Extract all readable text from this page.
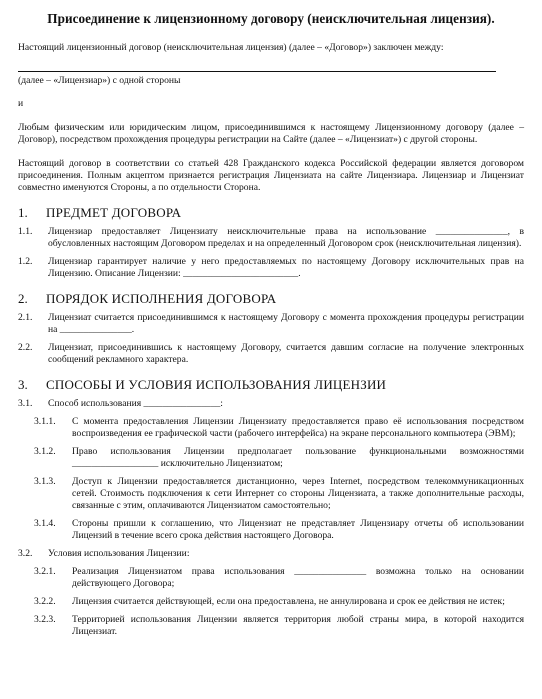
Присоединение к лицензионному договору (неисключительная лицензия).

Настоящий лицензионный договор (неисключительная лицензия) (далее – «Договор») заключен между:

(далее – «Лицензиар») с одной стороны

и

Любым физическим или юридическим лицом, присоединившимся к настоящему Лицензионному договору (далее – Договор), посредством прохождения процедуры регистрации на Сайте (далее – «Лицензиат») с другой стороны.

Настоящий договор в соответствии со статьей 428 Гражданского кодекса Российской федерации является договором присоединения. Полным акцептом признается регистрация Лицензиата на сайте Лицензиара. Лицензиар и Лицензиат совместно именуются Стороны, а по отдельности Сторона.

1.	ПРЕДМЕТ ДОГОВОРА
1.1.	Лицензиар предоставляет Лицензиату неисключительные права на использование _______________, в обусловленных настоящим Договором пределах и на определенный Договором срок (неисключительная лицензия).
1.2.	Лицензиар гарантирует наличие у него предоставляемых по настоящему Договору исключительных прав на Лицензию. Описание Лицензии: ________________________.
2.	ПОРЯДОК ИСПОЛНЕНИЯ ДОГОВОРА
2.1.	Лицензиат считается присоединившимся к настоящему Договору с момента прохождения процедуры регистрации на _______________.
2.2.	Лицензиат, присоединившись к настоящему Договору, считается давшим согласие на получение электронных сообщений рекламного характера.
3.	СПОСОБЫ И УСЛОВИЯ ИСПОЛЬЗОВАНИЯ ЛИЦЕНЗИИ
3.1.	Способ использования ________________:
3.1.1.	С момента предоставления Лицензии Лицензиату предоставляется право её использования посредством воспроизведения ее графической части (рабочего интерфейса) на экране персонального компьютера (ЭВМ);
3.1.2.	Право использования Лицензии предполагает пользование функциональными возможностями __________________ исключительно Лицензиатом;
3.1.3.	Доступ к Лицензии предоставляется дистанционно, через Internet, посредством телекоммуникационных сетей. Стоимость подключения к сети Интернет со стороны Лицензиата, а также дополнительные расходы, связанные с этим, оплачиваются Лицензиатом самостоятельно;
3.1.4.	Стороны пришли к соглашению, что Лицензиат не представляет Лицензиару отчеты об использовании Лицензий в течение всего срока действия настоящего Договора.
3.2.	Условия использования Лицензии:
3.2.1.	Реализация Лицензиатом права использования _______________ возможна только на основании действующего Договора;
3.2.2.	Лицензия считается действующей, если она предоставлена, не аннулирована и срок ее действия не истек;
3.2.3.	Территорией использования Лицензии является территория любой страны мира, в которой находится Лицензиат.
